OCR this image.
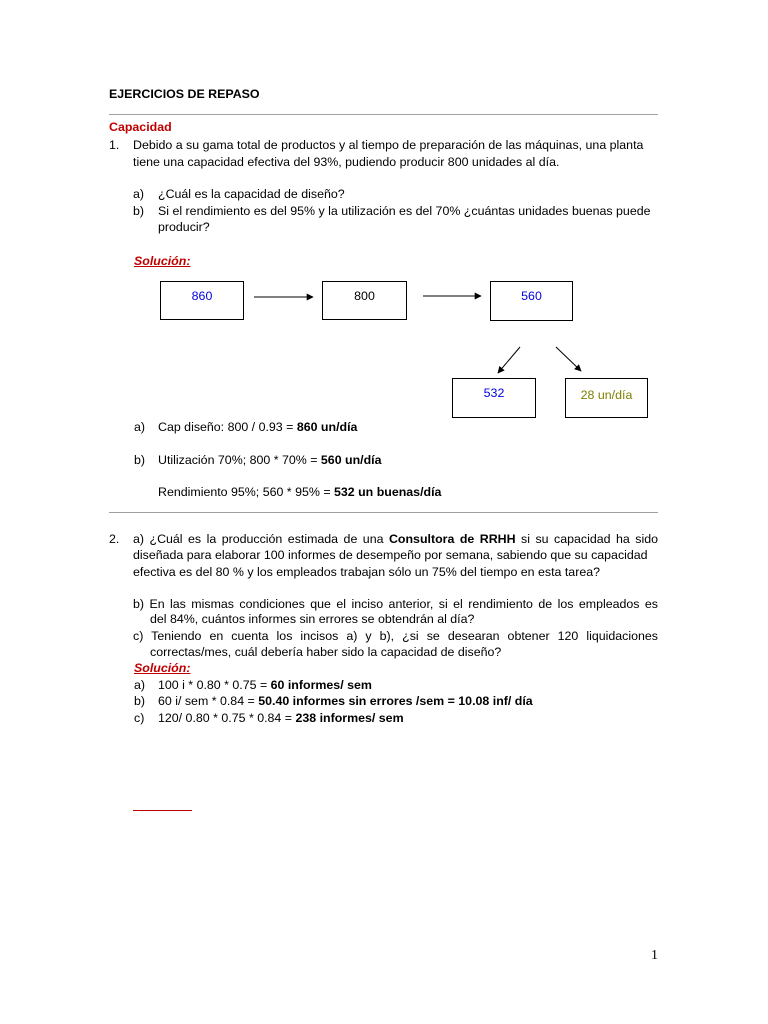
EJERCICIOS DE REPASO
Capacidad
1. Debido a su gama total de productos y al tiempo de preparación de las máquinas, una planta
tiene una capacidad efectiva del 93%, pudiendo producir 800 unidades al día.
a) ¿Cuál es la capacidad de diseño?
b) Si el rendimiento es del 95% y la utilización es del 70% ¿cuántas unidades buenas puede
producir?
Solución:
860	800	560
532	28 un/día
a) Cap diseño: 800 / 0.93 = 860 un/día
b) Utilización 70%; 800 * 70% = 560 un/día
Rendimiento 95%; 560 * 95% = 532 un buenas/día
2. a) ¿Cuál es la producción estimada de una Consultora de RRHH si su capacidad ha sido
diseñada para elaborar 100 informes de desempeño por semana, sabiendo que su capacidad
efectiva es del 80 % y los empleados trabajan sólo un 75% del tiempo en esta tarea?
b) En las mismas condiciones que el inciso anterior, si el rendimiento de los empleados es
del 84%, cuántos informes sin errores se obtendrán al día?
c) Teniendo en cuenta los incisos a) y b), ¿si se desearan obtener 120 liquidaciones
correctas/mes, cuál debería haber sido la capacidad de diseño?
Solución:
a) 100 i * 0.80 * 0.75 = 60 informes/ sem
b) 60 i/ sem * 0.84 = 50.40 informes sin errores /sem = 10.08 inf/ día
c) 120/ 0.80 * 0.75 * 0.84 = 238 informes/ sem
1
